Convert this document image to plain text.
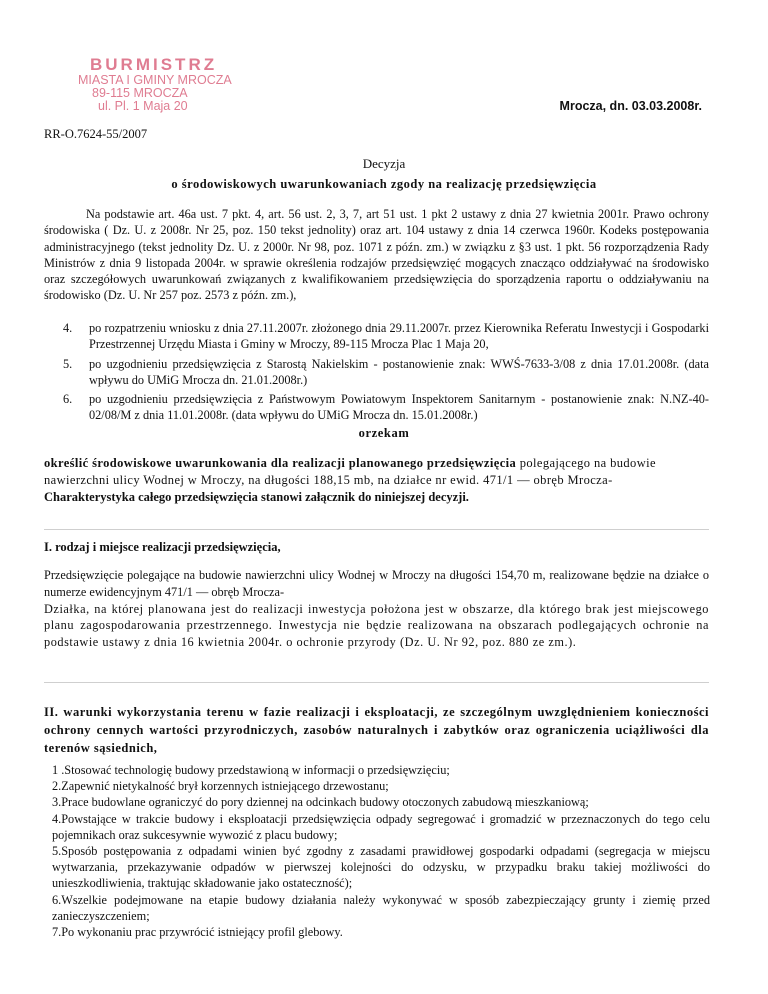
BURMISTRZ
MIASTA I GMINY MROCZA
89-115 MROCZA
ul. Pl. 1 Maja 20	Mrocza, dn. 03.03.2008r.
RR-O.7624-55/2007
Decyzja
o środowiskowych uwarunkowaniach zgody na realizację przedsięwzięcia
Na podstawie art. 46a ust. 7 pkt. 4, art. 56 ust. 2, 3, 7, art 51 ust. 1 pkt 2 ustawy z dnia 27 kwietnia 2001r. Prawo ochrony środowiska ( Dz. U. z 2008r. Nr 25, poz. 150 tekst jednolity) oraz art. 104 ustawy z dnia 14 czerwca 1960r. Kodeks postępowania administracyjnego (tekst jednolity Dz. U. z 2000r. Nr 98, poz. 1071 z późn. zm.) w związku z §3 ust. 1 pkt. 56 rozporządzenia Rady Ministrów z dnia 9 listopada 2004r. w sprawie określenia rodzajów przedsięwzięć mogących znacząco oddziaływać na środowisko oraz szczegółowych uwarunkowań związanych z kwalifikowaniem przedsięwzięcia do sporządzenia raportu o oddziaływaniu na środowisko (Dz. U. Nr 257 poz. 2573 z późn. zm.),
4. po rozpatrzeniu wniosku z dnia 27.11.2007r. złożonego dnia 29.11.2007r. przez Kierownika Referatu Inwestycji i Gospodarki Przestrzennej Urzędu Miasta i Gminy w Mroczy, 89-115 Mrocza Plac 1 Maja 20,
5. po uzgodnieniu przedsięwzięcia z Starostą Nakielskim - postanowienie znak: WWŚ-7633-3/08 z dnia 17.01.2008r. (data wpływu do UMiG Mrocza dn. 21.01.2008r.)
6. po uzgodnieniu przedsięwzięcia z Państwowym Powiatowym Inspektorem Sanitarnym - postanowienie znak: N.NZ-40-02/08/M z dnia 11.01.2008r. (data wpływu do UMiG Mrocza dn. 15.01.2008r.)
orzekam
określić środowiskowe uwarunkowania dla realizacji planowanego przedsięwzięcia polegającego na budowie nawierzchni ulicy Wodnej w Mroczy, na długości 188,15 mb, na działce nr ewid. 471/1 — obręb Mrocza-
Charakterystyka całego przedsięwzięcia stanowi załącznik do niniejszej decyzji.
I. rodzaj i miejsce realizacji przedsięwzięcia,
Przedsięwzięcie polegające na budowie nawierzchni ulicy Wodnej w Mroczy na długości 154,70 m, realizowane będzie na działce o numerze ewidencyjnym 471/1 — obręb Mrocza-
Działka, na której planowana jest do realizacji inwestycja położona jest w obszarze, dla którego brak jest miejscowego planu zagospodarowania przestrzennego. Inwestycja nie będzie realizowana na obszarach podlegających ochronie na podstawie ustawy z dnia 16 kwietnia 2004r. o ochronie przyrody (Dz. U. Nr 92, poz. 880 ze zm.).
II. warunki wykorzystania terenu w fazie realizacji i eksploatacji, ze szczególnym uwzględnieniem konieczności ochrony cennych wartości przyrodniczych, zasobów naturalnych i zabytków oraz ograniczenia uciążliwości dla terenów sąsiednich,
1 .Stosować technologię budowy przedstawioną w informacji o przedsięwzięciu;
2.Zapewnić nietykalność brył korzennych istniejącego drzewostanu;
3.Prace budowlane ograniczyć do pory dziennej na odcinkach budowy otoczonych zabudową mieszkaniową;
4.Powstające w trakcie budowy i eksploatacji przedsięwzięcia odpady segregować i gromadzić w przeznaczonych do tego celu pojemnikach oraz sukcesywnie wywozić z placu budowy;
5.Sposób postępowania z odpadami winien być zgodny z zasadami prawidłowej gospodarki odpadami (segregacja w miejscu wytwarzania, przekazywanie odpadów w pierwszej kolejności do odzysku, w przypadku braku takiej możliwości do unieszkodliwienia, traktując składowanie jako ostateczność);
6.Wszelkie podejmowane na etapie budowy działania należy wykonywać w sposób zabezpieczający grunty i ziemię przed zanieczyszczeniem;
7.Po wykonaniu prac przywrócić istniejący profil glebowy.
